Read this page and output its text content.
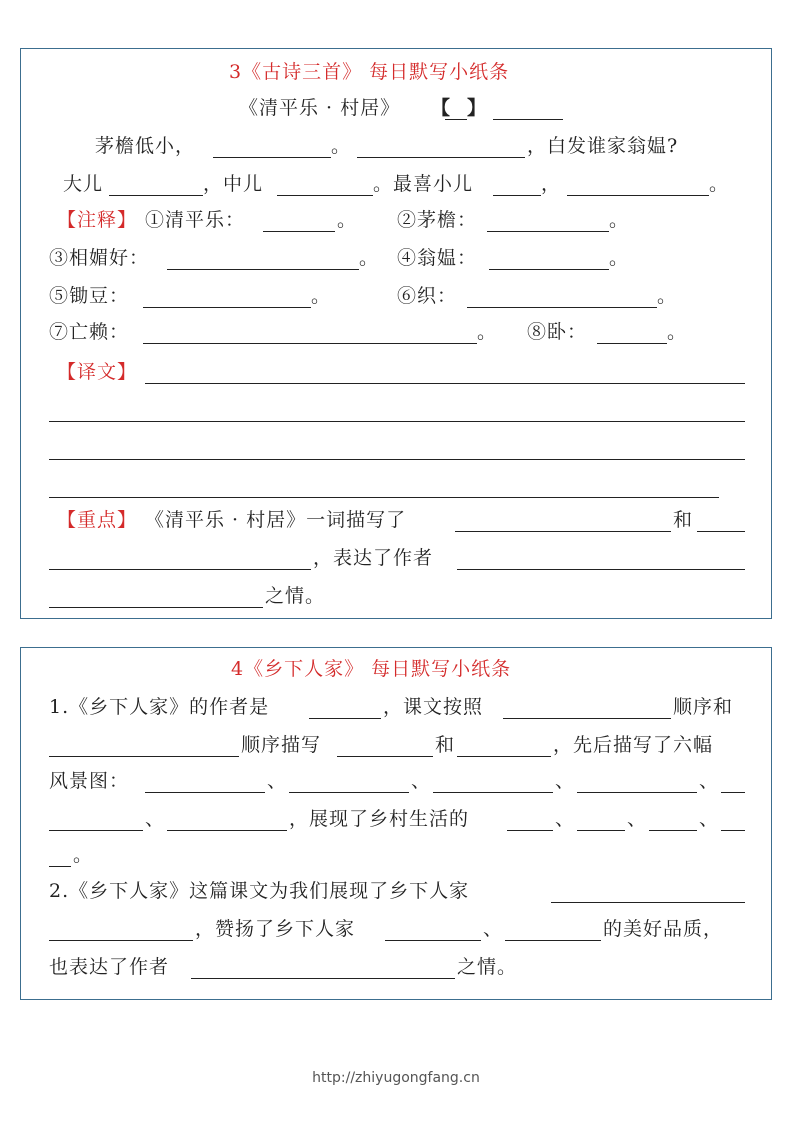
3《古诗三首》 每日默写小纸条
《清平乐 · 村居》 【 】
茅檐低小，	。	，白发谁家翁媪?
大儿	，中儿	。最喜小儿	，	。
【注释】 ①清平乐：	。 ②茅檐：	。
③相媚好：	。 ④翁媪：	。
⑤锄豆：	。	⑥织：	。
⑦亡赖：	。 ⑧卧：	。
【译文】
【重点】 《清平乐 · 村居》一词描写了	和
，表达了作者
之情。
4《乡下人家》 每日默写小纸条
1.《乡下人家》的作者是	，课文按照	顺序和
顺序描写	和	，先后描写了六幅
风景图：	、	、	、	、
、	，展现了乡村生活的	、	、	、
。
2.《乡下人家》这篇课文为我们展现了乡下人家
，赞扬了乡下人家	、	的美好品质，
也表达了作者	之情。
http://zhiyugongfang.cn
